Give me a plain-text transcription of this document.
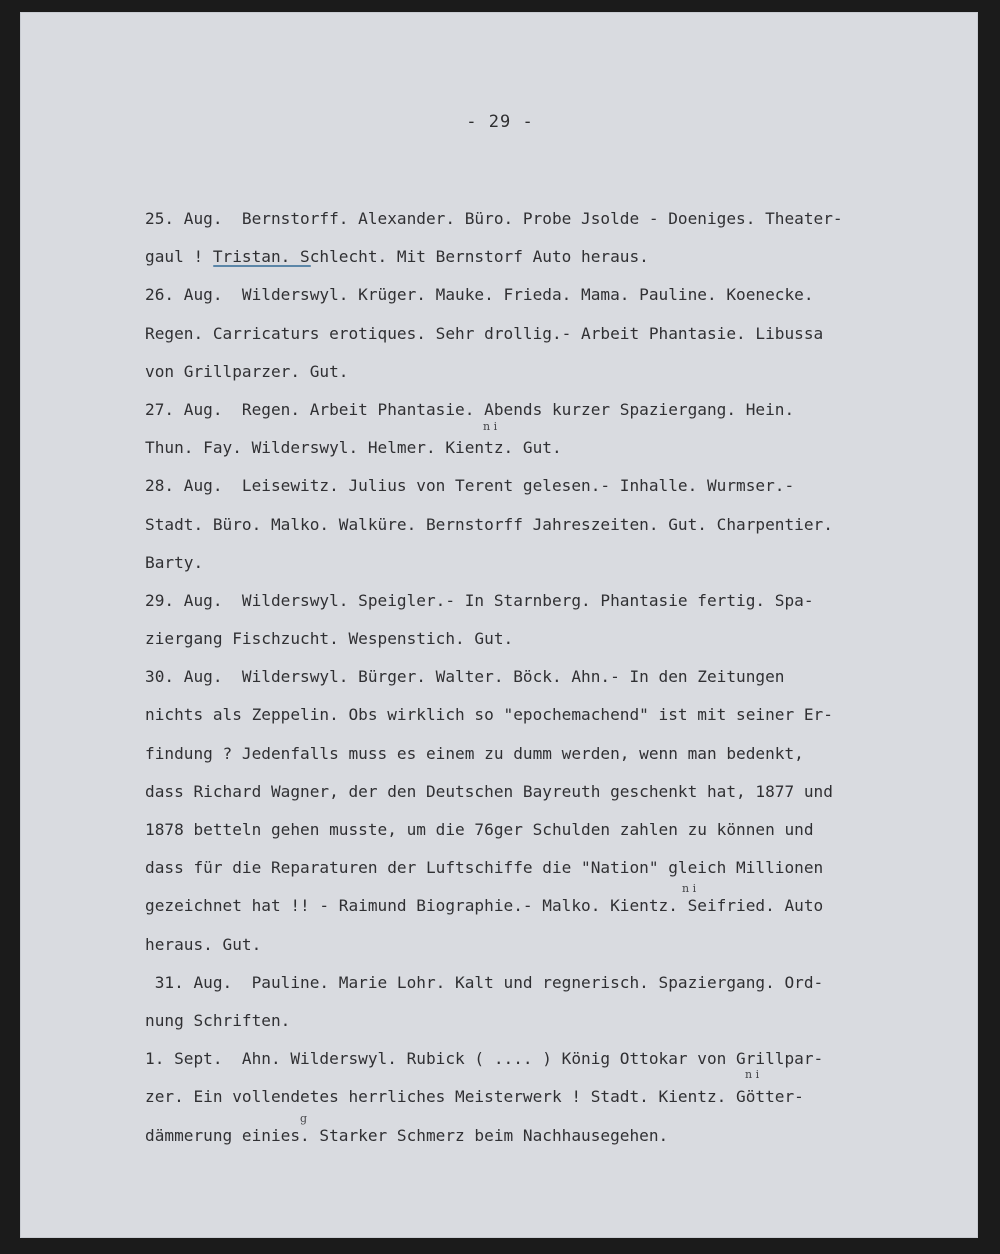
- 29 -
25. Aug.  Bernstorff. Alexander. Büro. Probe Jsolde - Doeniges. Theater-
gaul ! Tristan. Schlecht. Mit Bernstorf Auto heraus.
26. Aug.  Wilderswyl. Krüger. Mauke. Frieda. Mama. Pauline. Koenecke.
Regen. Carricaturs erotiques. Sehr drollig.- Arbeit Phantasie. Libussa
von Grillparzer. Gut.
27. Aug.  Regen. Arbeit Phantasie. Abends kurzer Spaziergang. Hein.
Thun. Fay. Wilderswyl. Helmer. Kientz. Gut.
28. Aug.  Leisewitz. Julius von Terent gelesen.- Inhalle. Wurmser.-
Stadt. Büro. Malko. Walküre. Bernstorff Jahreszeiten. Gut. Charpentier.
Barty.
29. Aug.  Wilderswyl. Speigler.- In Starnberg. Phantasie fertig. Spa-
ziergang Fischzucht. Wespenstich. Gut.
30. Aug.  Wilderswyl. Bürger. Walter. Böck. Ahn.- In den Zeitungen
nichts als Zeppelin. Obs wirklich so "epochemachend" ist mit seiner Er-
findung ? Jedenfalls muss es einem zu dumm werden, wenn man bedenkt,
dass Richard Wagner, der den Deutschen Bayreuth geschenkt hat, 1877 und
1878 betteln gehen musste, um die 76ger Schulden zahlen zu können und
dass für die Reparaturen der Luftschiffe die "Nation" gleich Millionen
gezeichnet hat !! - Raimund Biographie.- Malko. Kientz. Seifried. Auto
heraus. Gut.
31. Aug.  Pauline. Marie Lohr. Kalt und regnerisch. Spaziergang. Ord-
nung Schriften.
1. Sept.  Ahn. Wilderswyl. Rubick ( .... ) König Ottokar von Grillpar-
zer. Ein vollendetes herrliches Meisterwerk ! Stadt. Kientz. Götter-
dämmerung einies. Starker Schmerz beim Nachhausegehen.
n i
n i
n i
g
